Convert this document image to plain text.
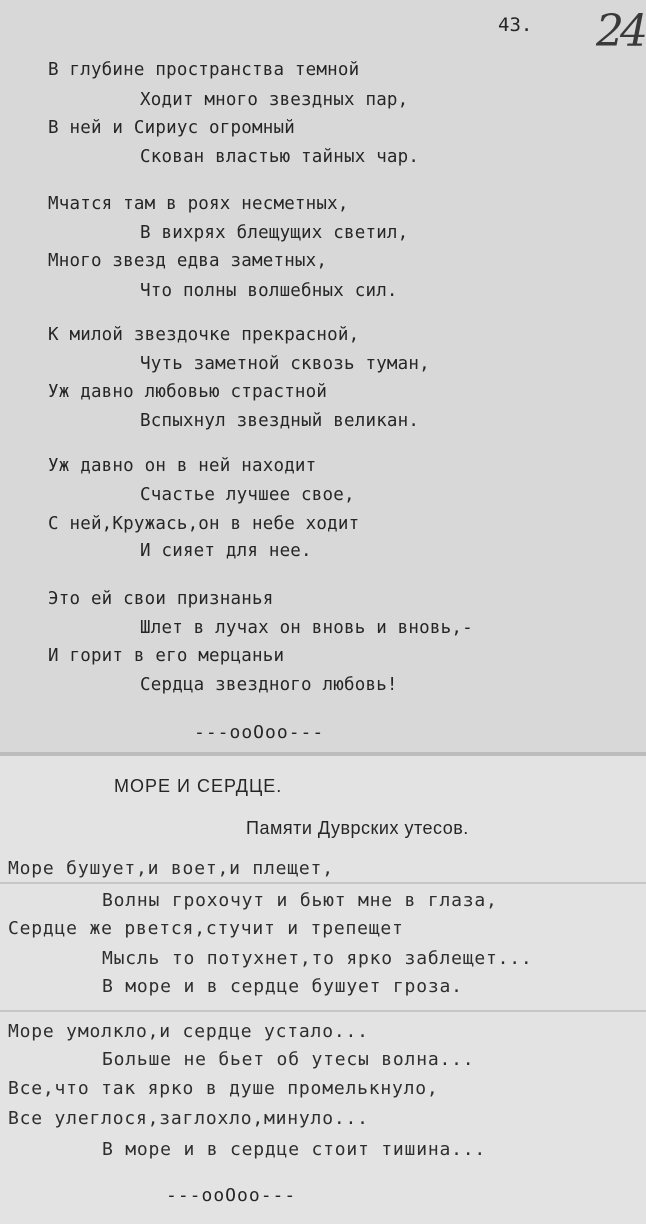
43. 24
В глубине пространства темной
Ходит много звездных пар,
В ней и Сириус огромный
Скован властью тайных чар.
Мчатся там в роях несметных,
В вихрях блещущих светил,
Много звезд едва заметных,
Что полны волшебных сил.
К милой звездочке прекрасной,
Чуть заметной сквозь туман,
Уж давно любовью страстной
Вспыхнул звездный великан.
Уж давно он в ней находит
Счастье лучшее свое,
С ней,Кружась,он в небе ходит
И сияет для нее.
Это ей свои признанья
Шлет в лучах он вновь и вновь,-
И горит в его мерцаньи
Сердца звездного любовь!
---ooOoo---
МОРЕ И СЕРДЦЕ.
Памяти Дуврских утесов.
Море бушует,и воет,и плещет,
Волны грохочут и бьют мне в глаза,
Сердце же рвется,стучит и трепещет
Мысль то потухнет,то ярко заблещет...
В море и в сердце бушует гроза.
Море умолкло,и сердце устало...
Больше не бьет об утесы волна...
Все,что так ярко в душе промелькнуло,
Все улеглося,заглохло,минуло...
В море и в сердце стоит тишина...
---ooOoo---
